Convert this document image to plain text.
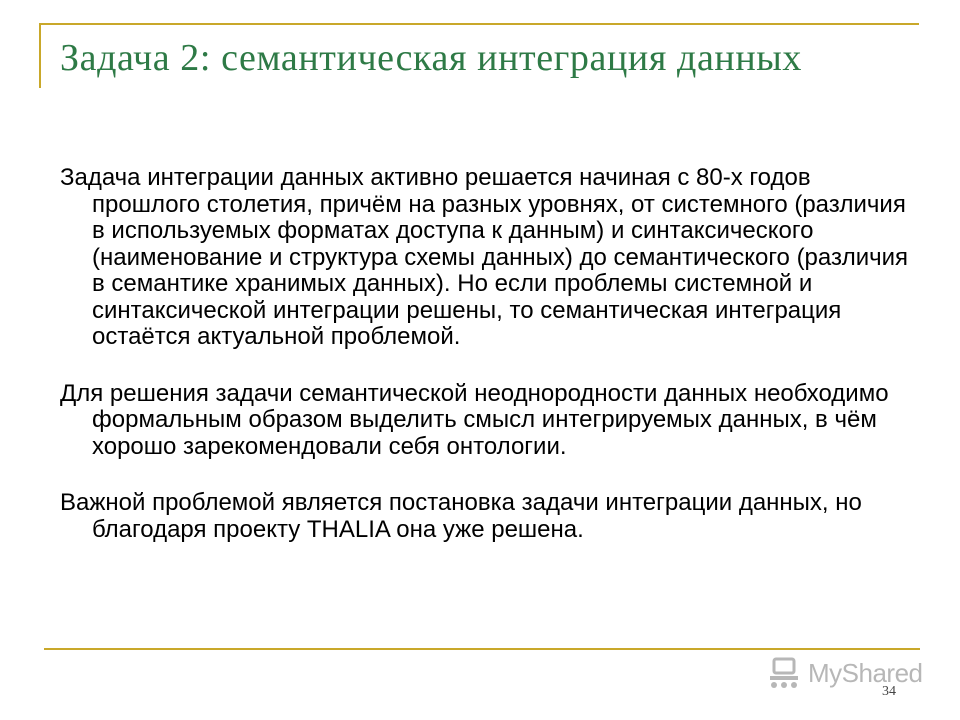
Задача 2: семантическая интеграция данных

Задача интеграции данных активно решается начиная с 80-х годов прошлого столетия, причём на разных уровнях, от системного (различия в используемых форматах доступа к данным) и синтаксического (наименование и структура схемы данных) до семантического (различия в семантике хранимых данных). Но если проблемы системной и синтаксической интеграции решены, то семантическая интеграция остаётся актуальной проблемой.

Для решения задачи семантической неоднородности данных необходимо формальным образом выделить смысл интегрируемых данных, в чём хорошо зарекомендовали себя онтологии.

Важной проблемой является постановка задачи интеграции данных, но благодаря проекту THALIA она уже решена.

MyShared
34
